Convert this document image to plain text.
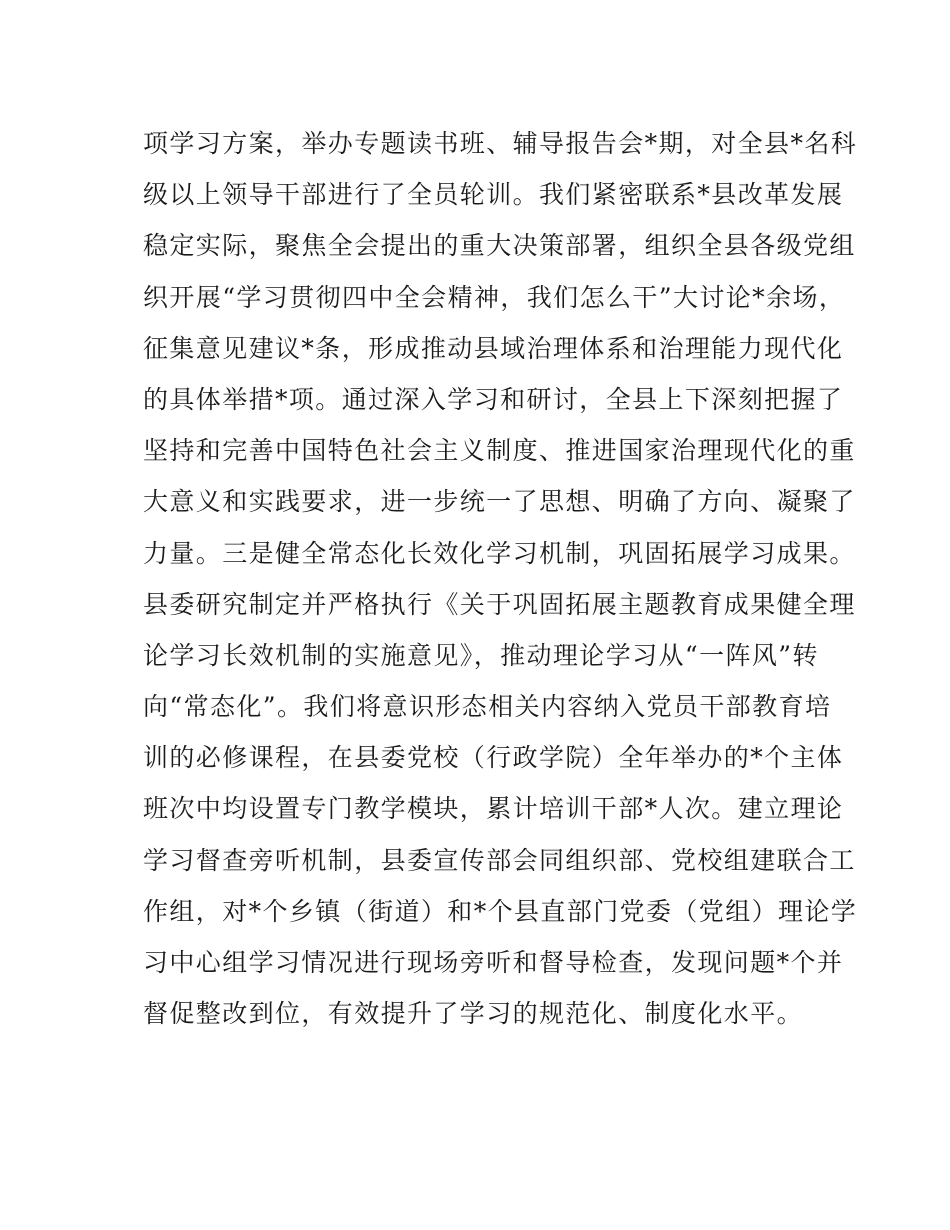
项学习方案，举办专题读书班、辅导报告会*期，对全县*名科
级以上领导干部进行了全员轮训。我们紧密联系*县改革发展
稳定实际，聚焦全会提出的重大决策部署，组织全县各级党组
织开展“学习贯彻四中全会精神，我们怎么干”大讨论*余场，
征集意见建议*条，形成推动县域治理体系和治理能力现代化
的具体举措*项。通过深入学习和研讨，全县上下深刻把握了
坚持和完善中国特色社会主义制度、推进国家治理现代化的重
大意义和实践要求，进一步统一了思想、明确了方向、凝聚了
力量。三是健全常态化长效化学习机制，巩固拓展学习成果。
县委研究制定并严格执行《关于巩固拓展主题教育成果健全理
论学习长效机制的实施意见》，推动理论学习从“一阵风”转
向“常态化”。我们将意识形态相关内容纳入党员干部教育培
训的必修课程，在县委党校（行政学院）全年举办的*个主体
班次中均设置专门教学模块，累计培训干部*人次。建立理论
学习督查旁听机制，县委宣传部会同组织部、党校组建联合工
作组，对*个乡镇（街道）和*个县直部门党委（党组）理论学
习中心组学习情况进行现场旁听和督导检查，发现问题*个并
督促整改到位，有效提升了学习的规范化、制度化水平。
